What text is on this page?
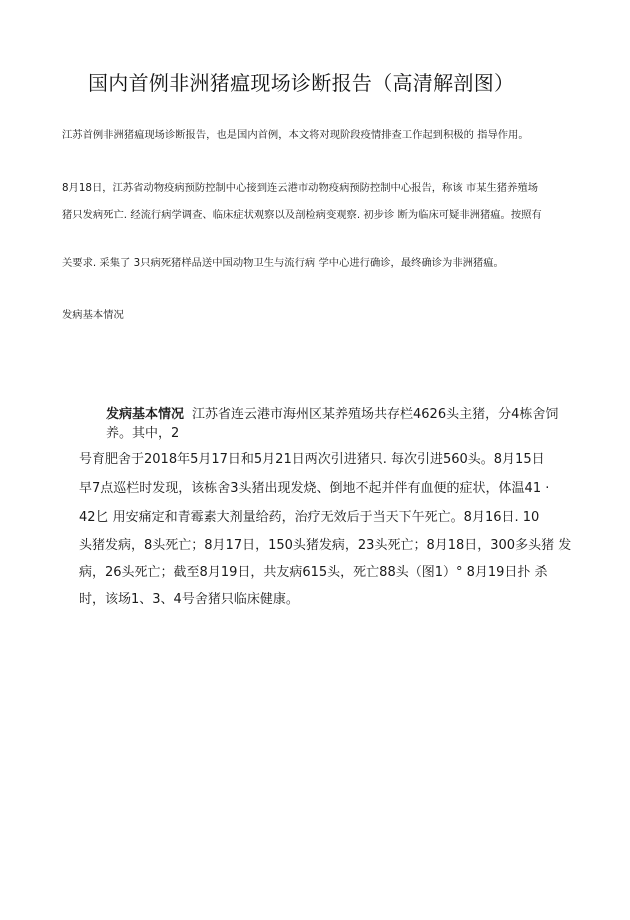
国内首例非洲猪瘟现场诊断报告（高清解剖图）
江苏首例非洲猪瘟现场诊断报告，也是国内首例，本文将对现阶段疫情排查工作起到积极的 指导作用。
8月18日，江苏省动物疫病预防控制中心接到连云港市动物疫病预防控制中心报告，称该 市某生猪养殖场
猪只发病死亡. 经流行病学调查、临床症状观察以及剖检病变观察. 初步诊 断为临床可疑非洲猪瘟。按照有
关要求. 采集了 3只病死猪样品送中国动物卫生与流行病 学中心进行确诊，最终确诊为非洲猪瘟。
发病基本情况
发病基本情况 江苏省连云港市海州区某养殖场共存栏4626头主猪，分4栋舍饲
养。其中，2
号育肥舍于2018年5月17日和5月21日两次引进猪只. 每次引进560头。8月15日
早7点巡栏时发现，该栋舍3头猪出现发烧、倒地不起并伴有血便的症状，体温41 ·
42匕 用安痛定和青霉素大剂量给药，治疗无效后于当天下午死亡。8月16日. 10
头猪发病，8头死亡；8月17日，150头猪发病，23头死亡；8月18日，300多头猪 发
病，26头死亡；截至8月19日，共友病615头，死亡88头（图1）° 8月19日扑 杀
时，该场1、3、4号舍猪只临床健康。
